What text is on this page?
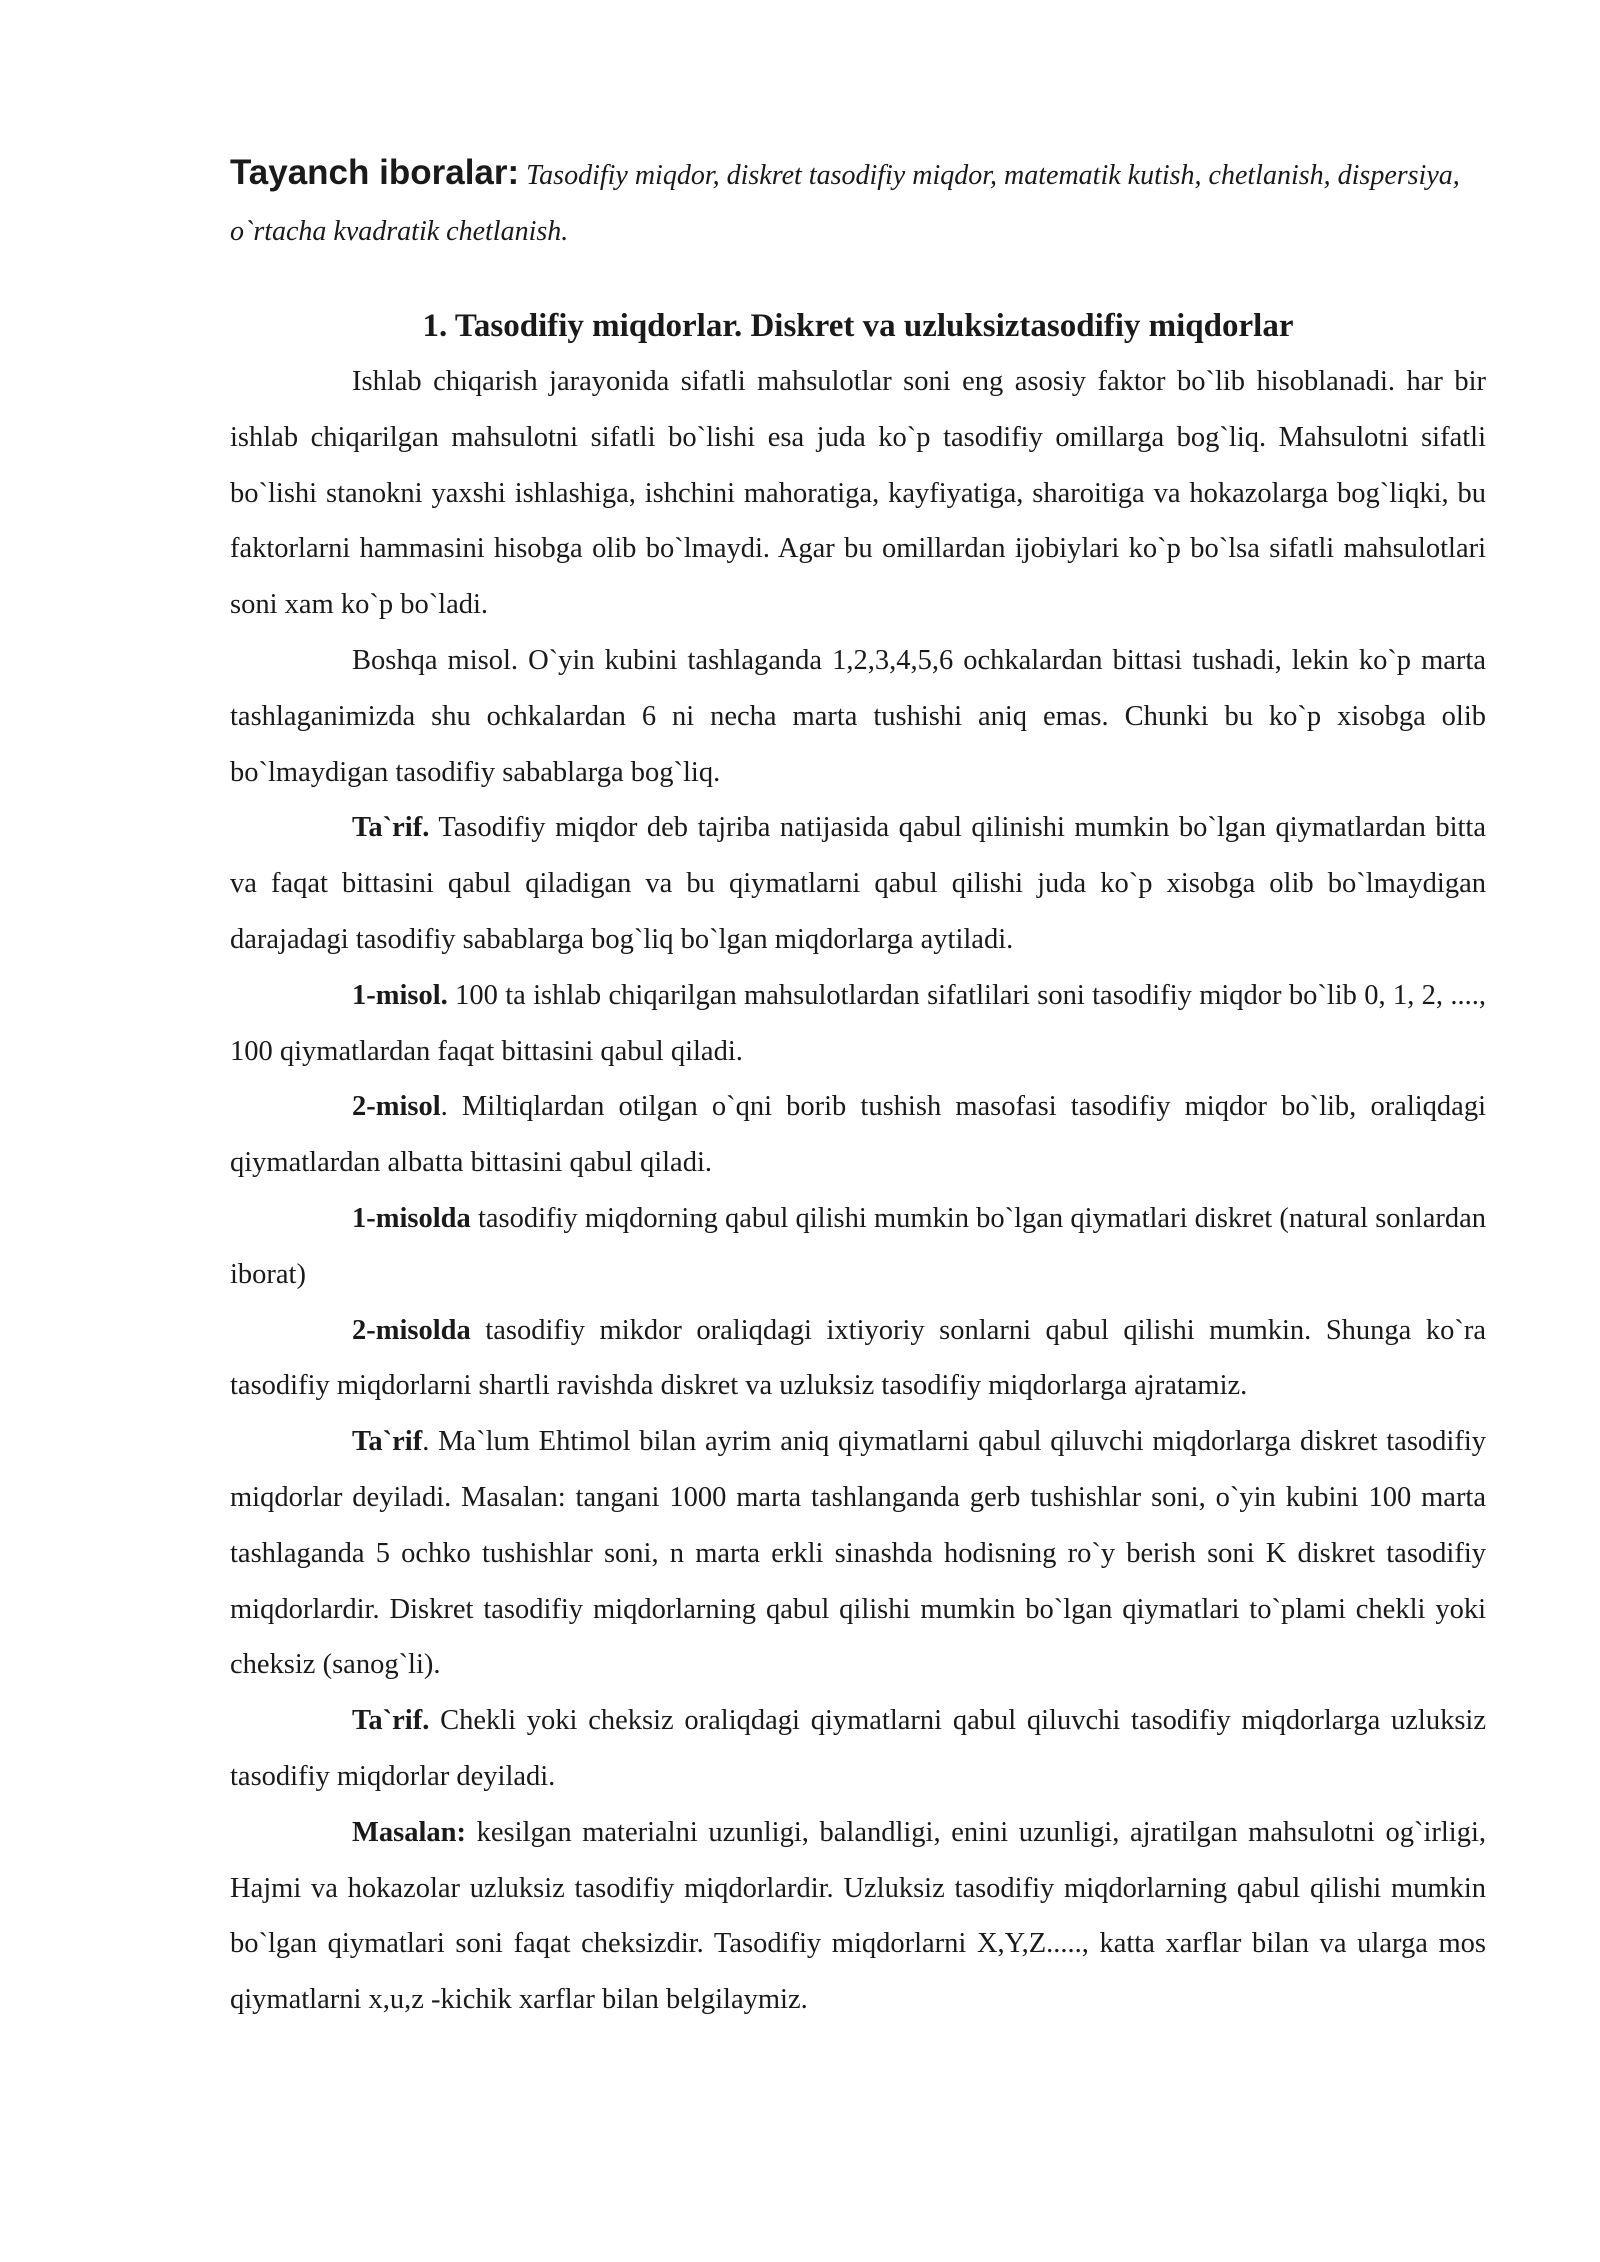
Tayanch iboralar: Tasodifiy miqdor, diskret tasodifiy miqdor, matematik kutish, chetlanish, dispersiya, o`rtacha kvadratik chetlanish.

1. Tasodifiy miqdorlar. Diskret va uzluksiztasodifiy miqdorlar

Ishlab chiqarish jarayonida sifatli mahsulotlar soni eng asosiy faktor bo`lib hisoblanadi. har bir ishlab chiqarilgan mahsulotni sifatli bo`lishi esa juda ko`p tasodifiy omillarga bog`liq. Mahsulotni sifatli bo`lishi stanokni yaxshi ishlashiga, ishchini mahoratiga, kayfiyatiga, sharoitiga va hokazolarga bog`liqki, bu faktorlarni hammasini hisobga olib bo`lmaydi. Agar bu omillardan ijobiylari ko`p bo`lsa sifatli mahsulotlari soni xam ko`p bo`ladi.

Boshqa misol. O`yin kubini tashlaganda 1,2,3,4,5,6 ochkalardan bittasi tushadi, lekin ko`p marta tashlaganimizda shu ochkalardan 6 ni necha marta tushishi aniq emas. Chunki bu ko`p xisobga olib bo`lmaydigan tasodifiy sabablarga bog`liq.

Ta`rif. Tasodifiy miqdor deb tajriba natijasida qabul qilinishi mumkin bo`lgan qiymatlardan bitta va faqat bittasini qabul qiladigan va bu qiymatlarni qabul qilishi juda ko`p xisobga olib bo`lmaydigan darajadagi tasodifiy sabablarga bog`liq bo`lgan miqdorlarga aytiladi.

1-misol. 100 ta ishlab chiqarilgan mahsulotlardan sifatlilari soni tasodifiy miqdor bo`lib 0, 1, 2, ...., 100 qiymatlardan faqat bittasini qabul qiladi.

2-misol. Miltiqlardan otilgan o`qni borib tushish masofasi tasodifiy miqdor bo`lib, oraliqdagi qiymatlardan albatta bittasini qabul qiladi.

1-misolda tasodifiy miqdorning qabul qilishi mumkin bo`lgan qiymatlari diskret (natural sonlardan iborat)

2-misolda tasodifiy mikdor oraliqdagi ixtiyoriy sonlarni qabul qilishi mumkin. Shunga ko`ra tasodifiy miqdorlarni shartli ravishda diskret va uzluksiz tasodifiy miqdorlarga ajratamiz.

Ta`rif. Ma`lum Ehtimol bilan ayrim aniq qiymatlarni qabul qiluvchi miqdorlarga diskret tasodifiy miqdorlar deyiladi. Masalan: tangani 1000 marta tashlanganda gerb tushishlar soni, o`yin kubini 100 marta tashlaganda 5 ochko tushishlar soni, n marta erkli sinashda hodisning ro`y berish soni K diskret tasodifiy miqdorlardir. Diskret tasodifiy miqdorlarning qabul qilishi mumkin bo`lgan qiymatlari to`plami chekli yoki cheksiz (sanog`li).

Ta`rif. Chekli yoki cheksiz oraliqdagi qiymatlarni qabul qiluvchi tasodifiy miqdorlarga uzluksiz tasodifiy miqdorlar deyiladi.

Masalan: kesilgan materialni uzunligi, balandligi, enini uzunligi, ajratilgan mahsulotni og`irligi, Hajmi va hokazolar uzluksiz tasodifiy miqdorlardir. Uzluksiz tasodifiy miqdorlarning qabul qilishi mumkin bo`lgan qiymatlari soni faqat cheksizdir. Tasodifiy miqdorlarni X,Y,Z....., katta xarflar bilan va ularga mos qiymatlarni x,u,z -kichik xarflar bilan belgilaymiz.
